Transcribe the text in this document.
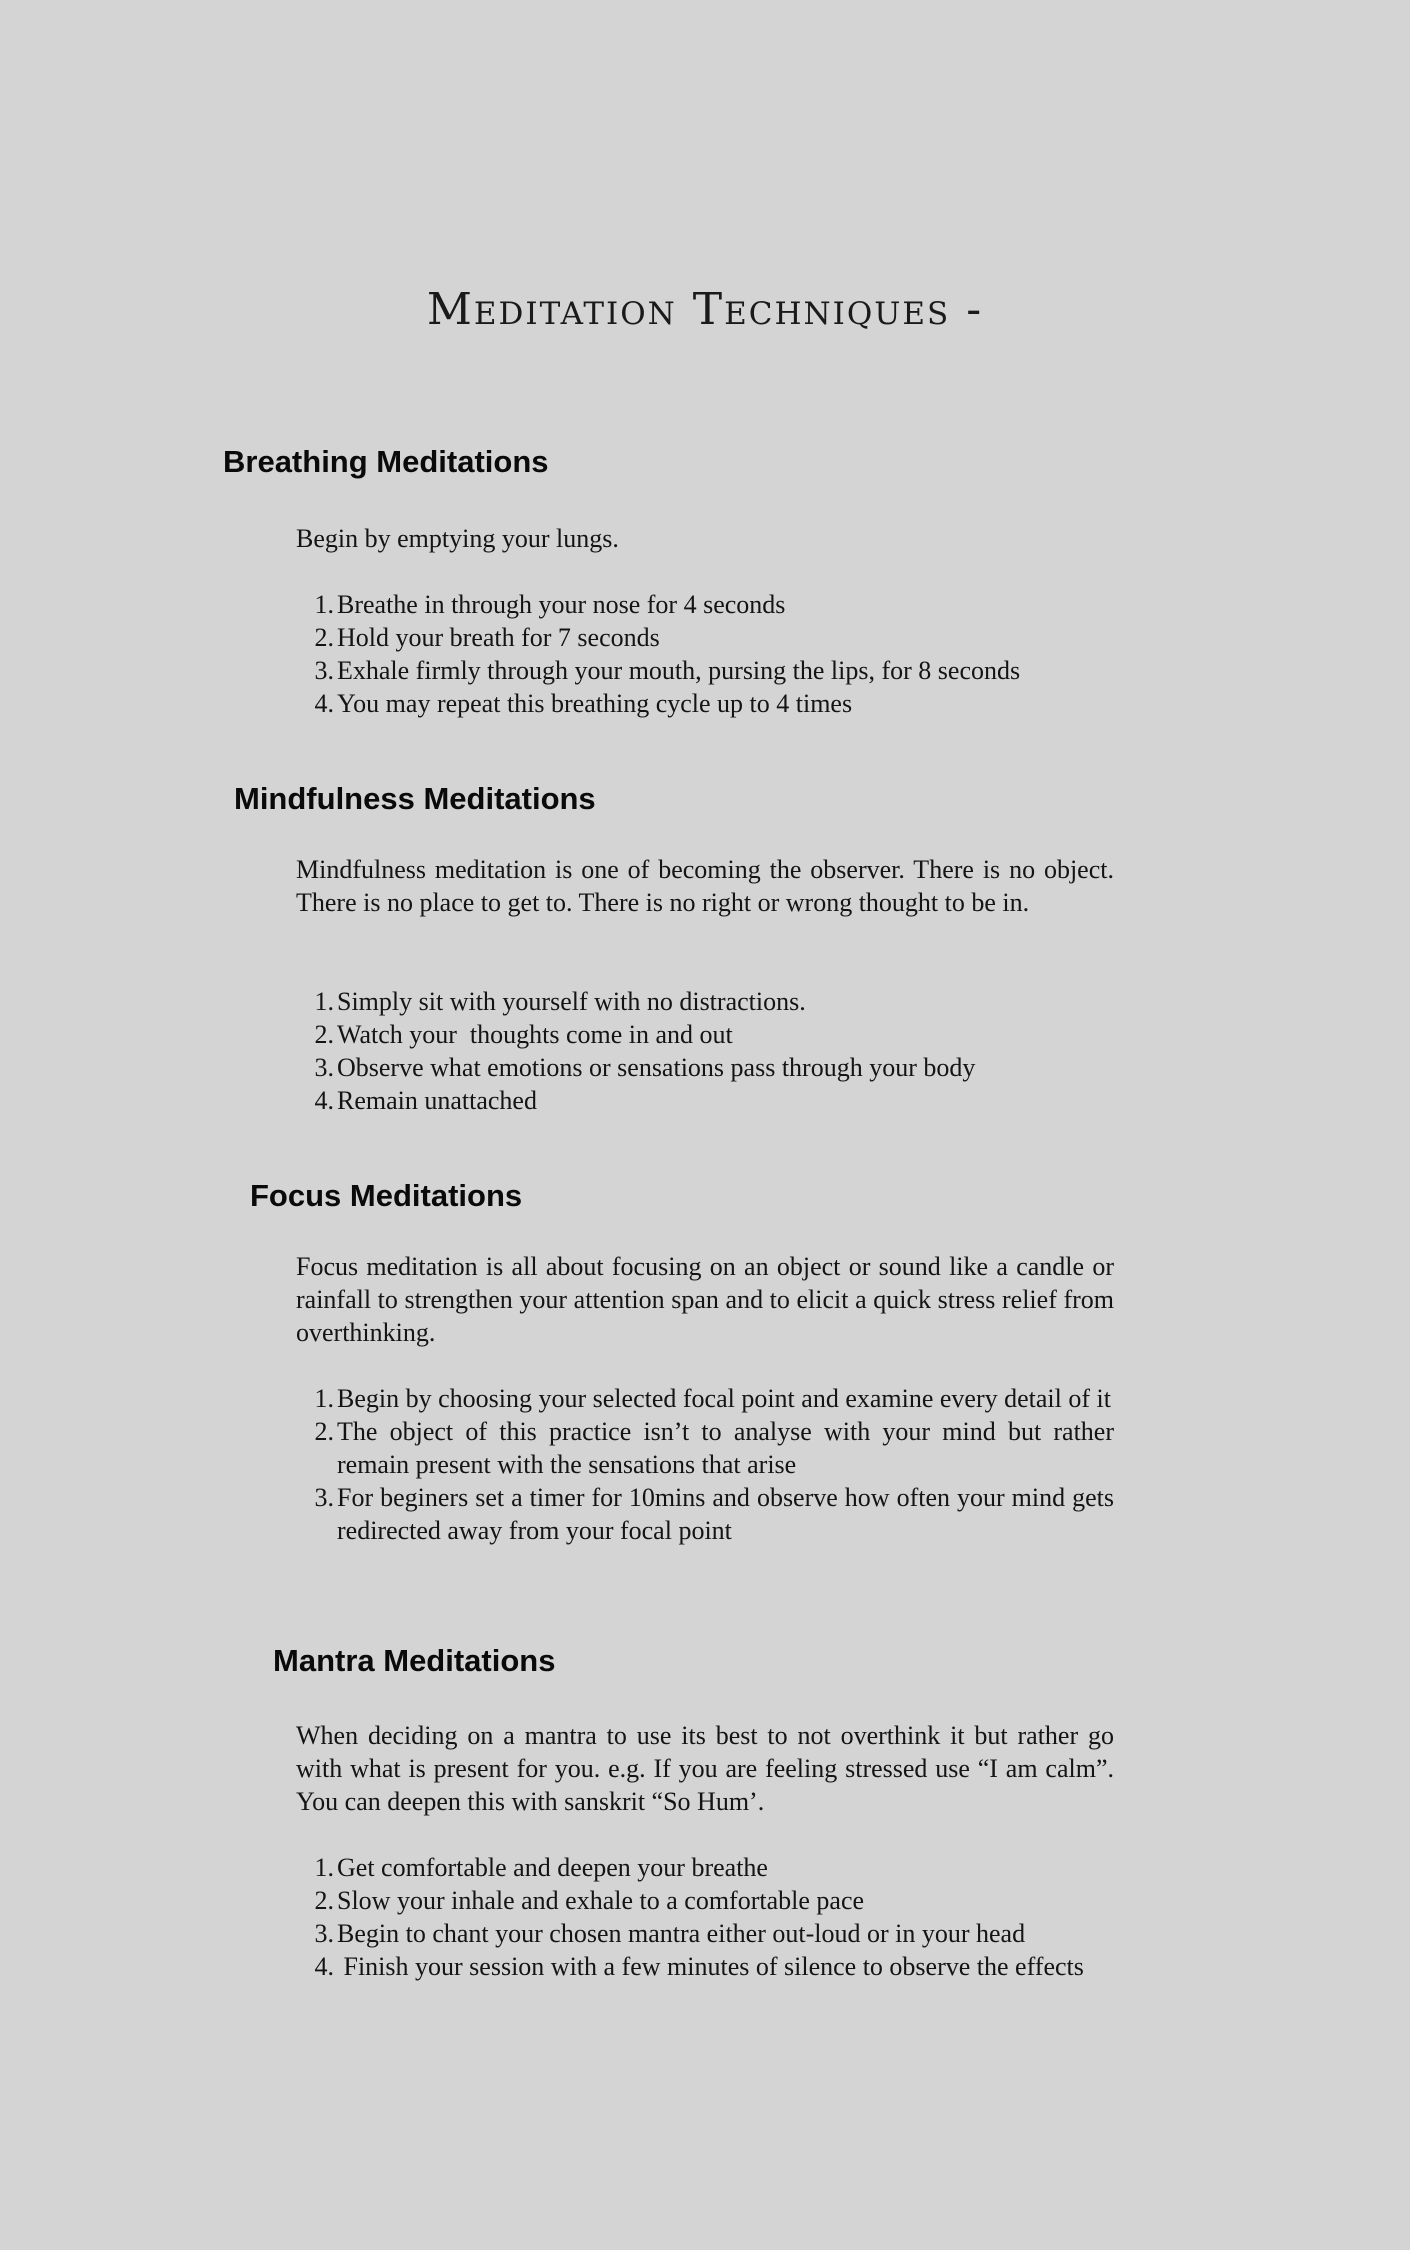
Meditation Techniques -
Breathing Meditations

Begin by emptying your lungs.

1. Breathe in through your nose for 4 seconds
2. Hold your breath for 7 seconds
3. Exhale firmly through your mouth, pursing the lips, for 8 seconds
4. You may repeat this breathing cycle up to 4 times
Mindfulness Meditations

Mindfulness meditation is one of becoming the observer. There is no object. There is no place to get to. There is no right or wrong thought to be in.

1. Simply sit with yourself with no distractions.
2. Watch your  thoughts come in and out
3. Observe what emotions or sensations pass through your body
4. Remain unattached
Focus Meditations

Focus meditation is all about focusing on an object or sound like a candle or rainfall to strengthen your attention span and to elicit a quick stress relief from overthinking.

1. Begin by choosing your selected focal point and examine every detail of it
2. The object of this practice isn’t to analyse with your mind but rather remain present with the sensations that arise
3. For beginers set a timer for 10mins and observe how often your mind gets redirected away from your focal point
Mantra Meditations

When deciding on a mantra to use its best to not overthink it but rather go with what is present for you. e.g. If you are feeling stressed use “I am calm”. You can deepen this with sanskrit “So Hum’.

1. Get comfortable and deepen your breathe
2. Slow your inhale and exhale to a comfortable pace
3. Begin to chant your chosen mantra either out-loud or in your head
4. Finish your session with a few minutes of silence to observe the effects
